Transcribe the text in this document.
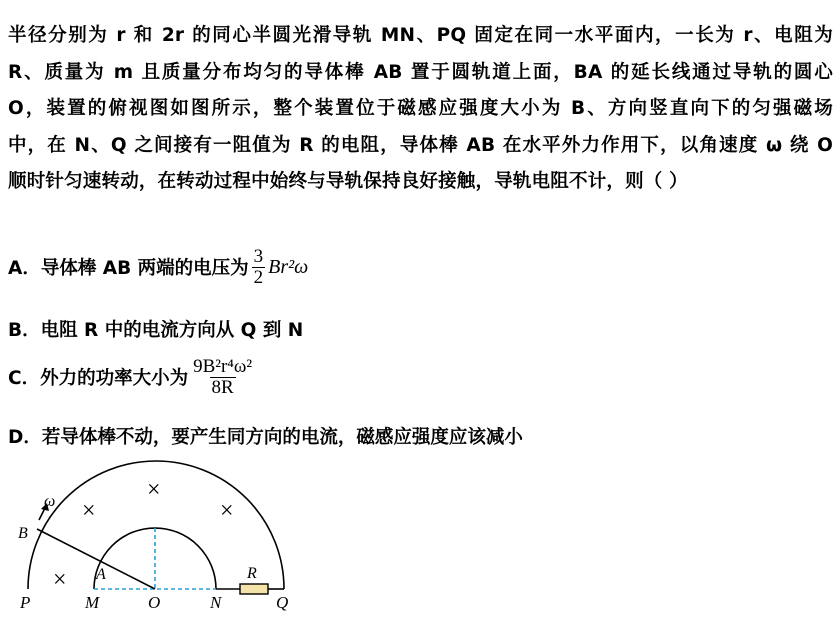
半径分别为 r 和 2r 的同心半圆光滑导轨 MN、PQ 固定在同一水平面内，一长为 r、电阻为
R、质量为 m 且质量分布均匀的导体棒 AB 置于圆轨道上面，BA 的延长线通过导轨的圆心
O，装置的俯视图如图所示，整个装置位于磁感应强度大小为 B、方向竖直向下的匀强磁场
中，在 N、Q 之间接有一阻值为 R 的电阻，导体棒 AB 在水平外力作用下，以角速度 ω 绕 O
顺时针匀速转动，在转动过程中始终与导轨保持良好接触，导轨电阻不计，则（ ）
A．导体棒 AB 两端的电压为 $\frac{3}{2} Br^2\omega$
B．电阻 R 中的电流方向从 Q 到 N
C．外力的功率大小为 $\frac{\text{9B²r⁴ω²}}{8R}$
D．若导体棒不动，要产生同方向的电流，磁感应强度应该减小
×
×	×
×
P	M	O	N	Q
A
B
R
ω
